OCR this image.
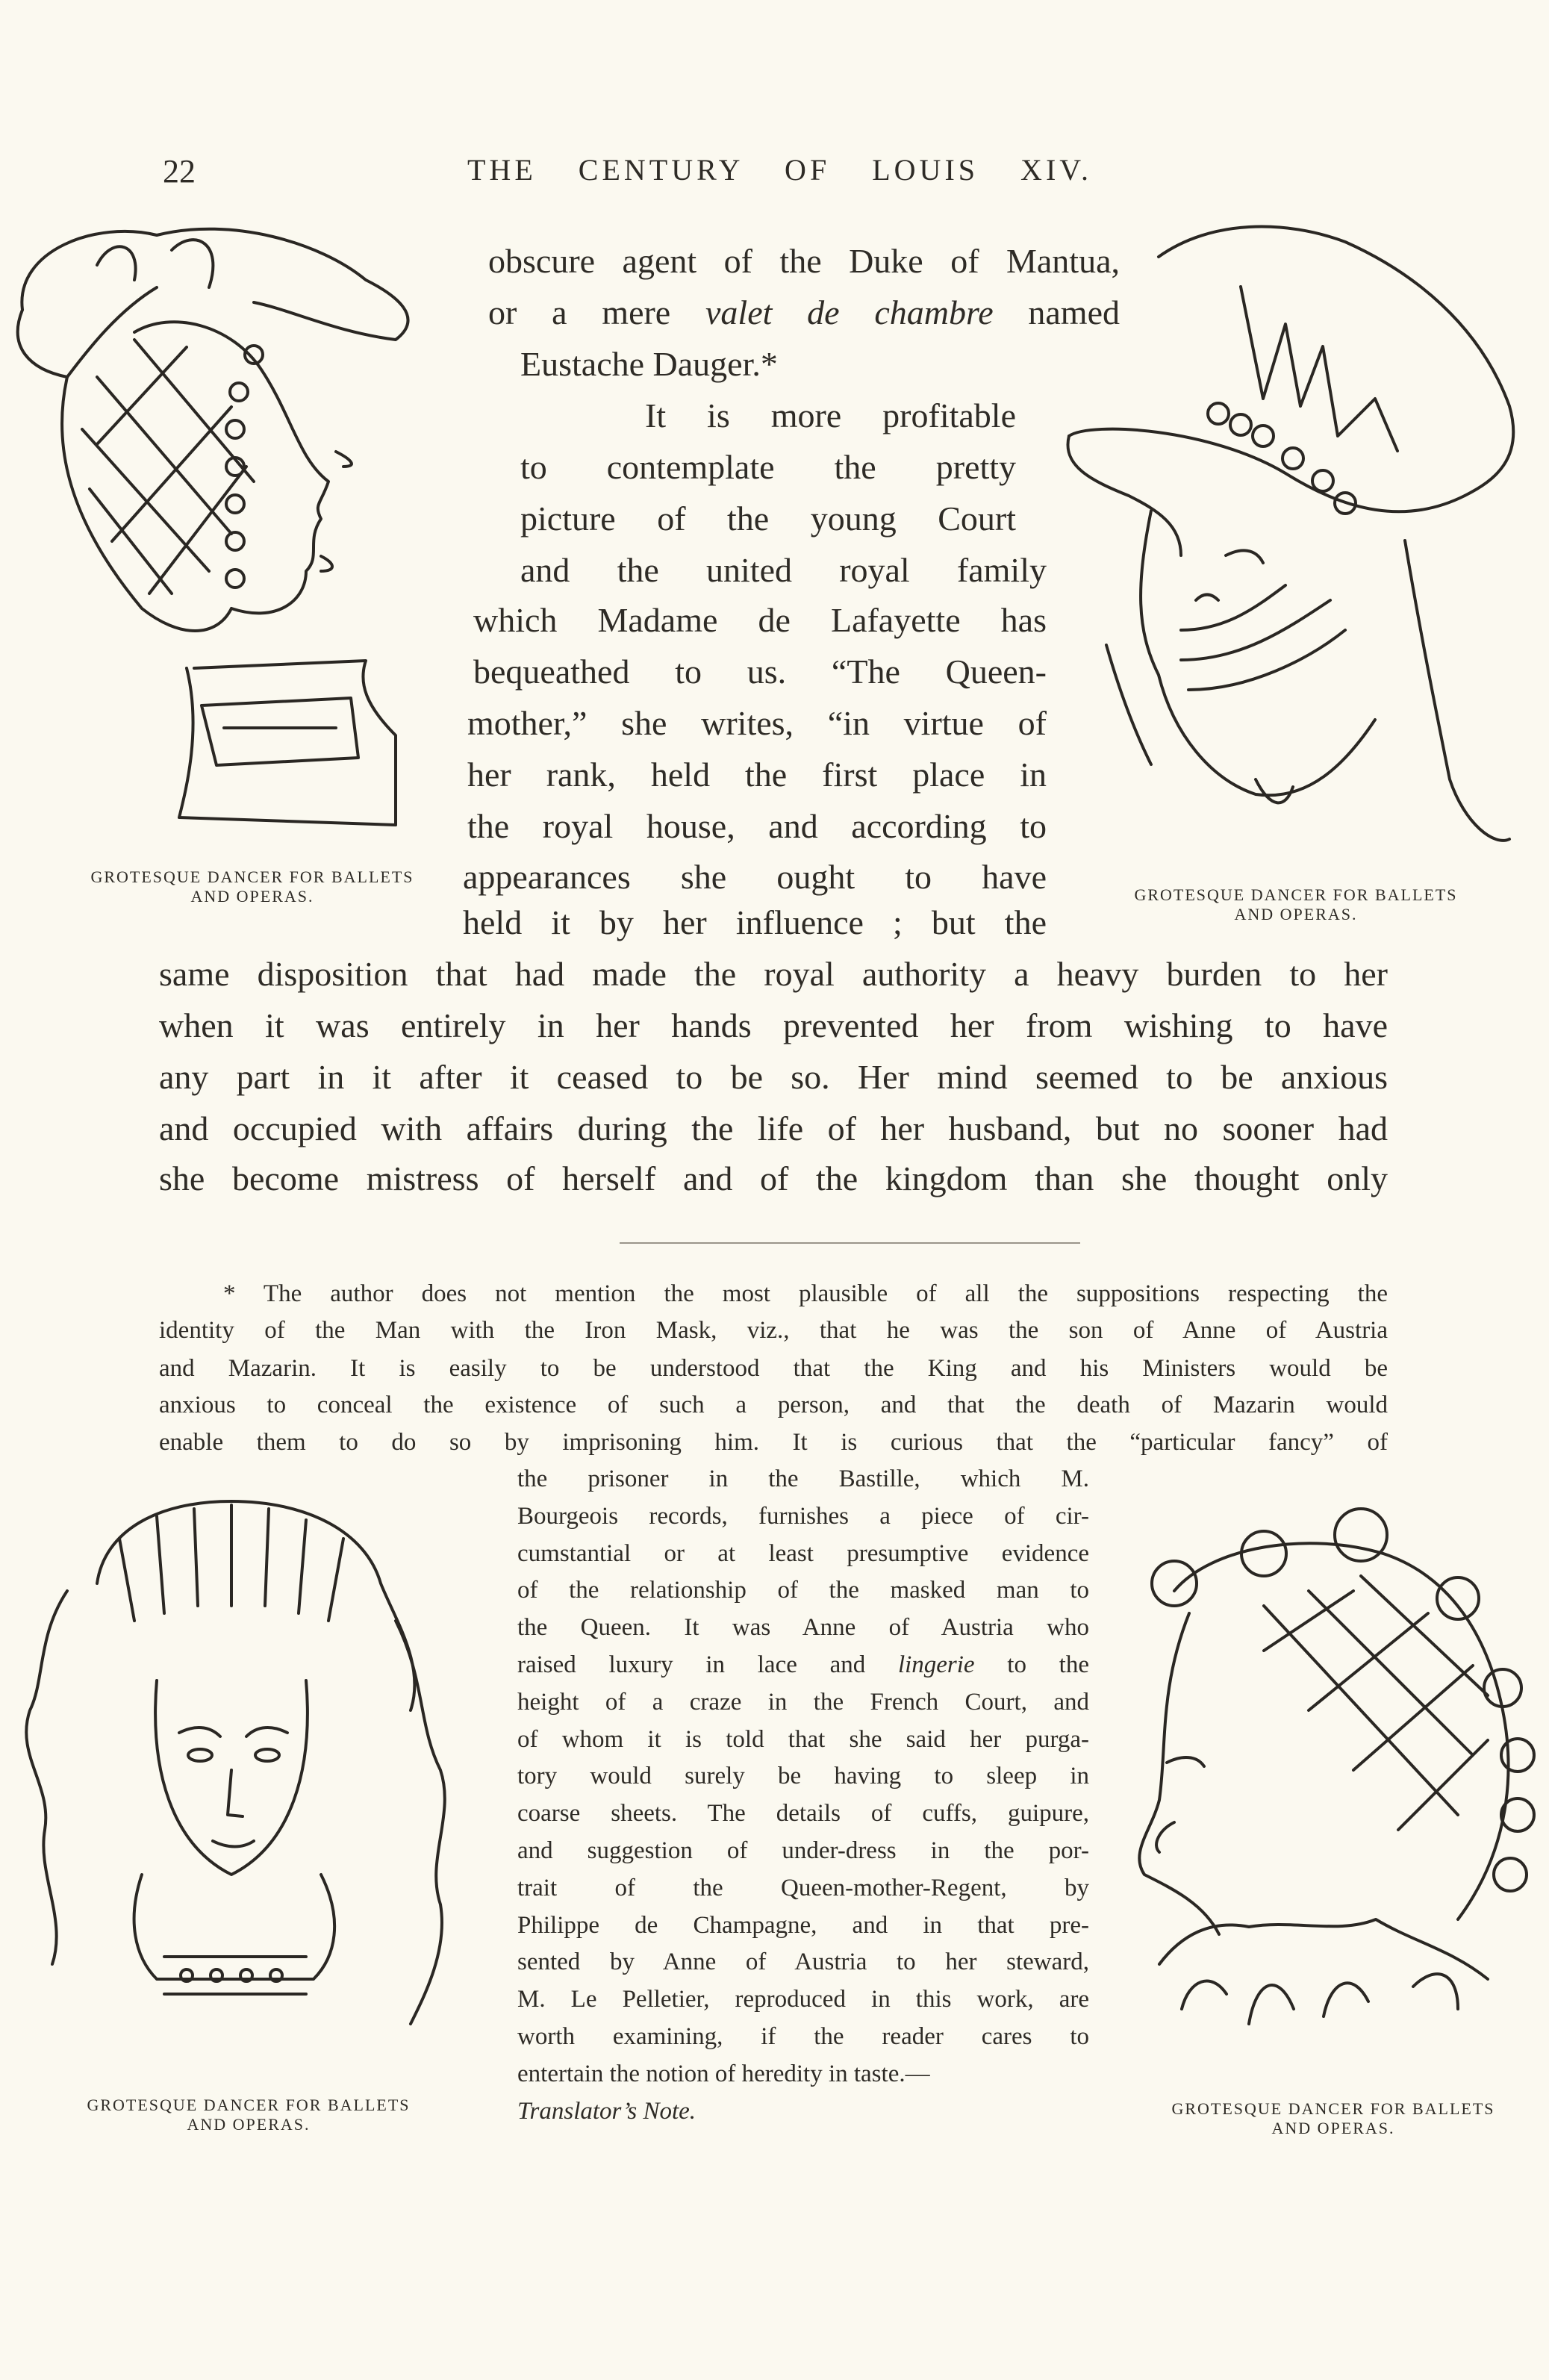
22	THE CENTURY OF LOUIS XIV.
obscure agent of the Duke of Mantua,
or a mere valet de chambre named
Eustache Dauger.*
It is more profitable
to contemplate the pretty
picture of the young Court
and the united royal family
which Madame de Lafayette has
bequeathed to us. “The Queen-
mother,” she writes, “in virtue of
her rank, held the first place in
the royal house, and according to
appearances she ought to have
held it by her influence ; but the
same disposition that had made the royal authority a heavy burden to her
when it was entirely in her hands prevented her from wishing to have
any part in it after it ceased to be so. Her mind seemed to be anxious
and occupied with affairs during the life of her husband, but no sooner had
she become mistress of herself and of the kingdom than she thought only
* The author does not mention the most plausible of all the suppositions respecting the
identity of the Man with the Iron Mask, viz., that he was the son of Anne of Austria
and Mazarin. It is easily to be understood that the King and his Ministers would be
anxious to conceal the existence of such a person, and that the death of Mazarin would
enable them to do so by imprisoning him. It is curious that the “particular fancy” of
the prisoner in the Bastille, which M.
Bourgeois records, furnishes a piece of cir-
cumstantial or at least presumptive evidence
of the relationship of the masked man to
the Queen. It was Anne of Austria who
raised luxury in lace and lingerie to the
height of a craze in the French Court, and
of whom it is told that she said her purga-
tory would surely be having to sleep in
coarse sheets. The details of cuffs, guipure,
and suggestion of under-dress in the por-
trait of the Queen-mother-Regent, by
Philippe de Champagne, and in that pre-
sented by Anne of Austria to her steward,
M. Le Pelletier, reproduced in this work, are
worth examining, if the reader cares to
entertain the notion of heredity in taste.—
Translator’s Note.
GROTESQUE DANCER FOR BALLETS
AND OPERAS.	GROTESQUE DANCER FOR BALLETS
AND OPERAS.
GROTESQUE DANCER FOR BALLETS
AND OPERAS.
GROTESQUE DANCER FOR BALLETS
AND OPERAS.
